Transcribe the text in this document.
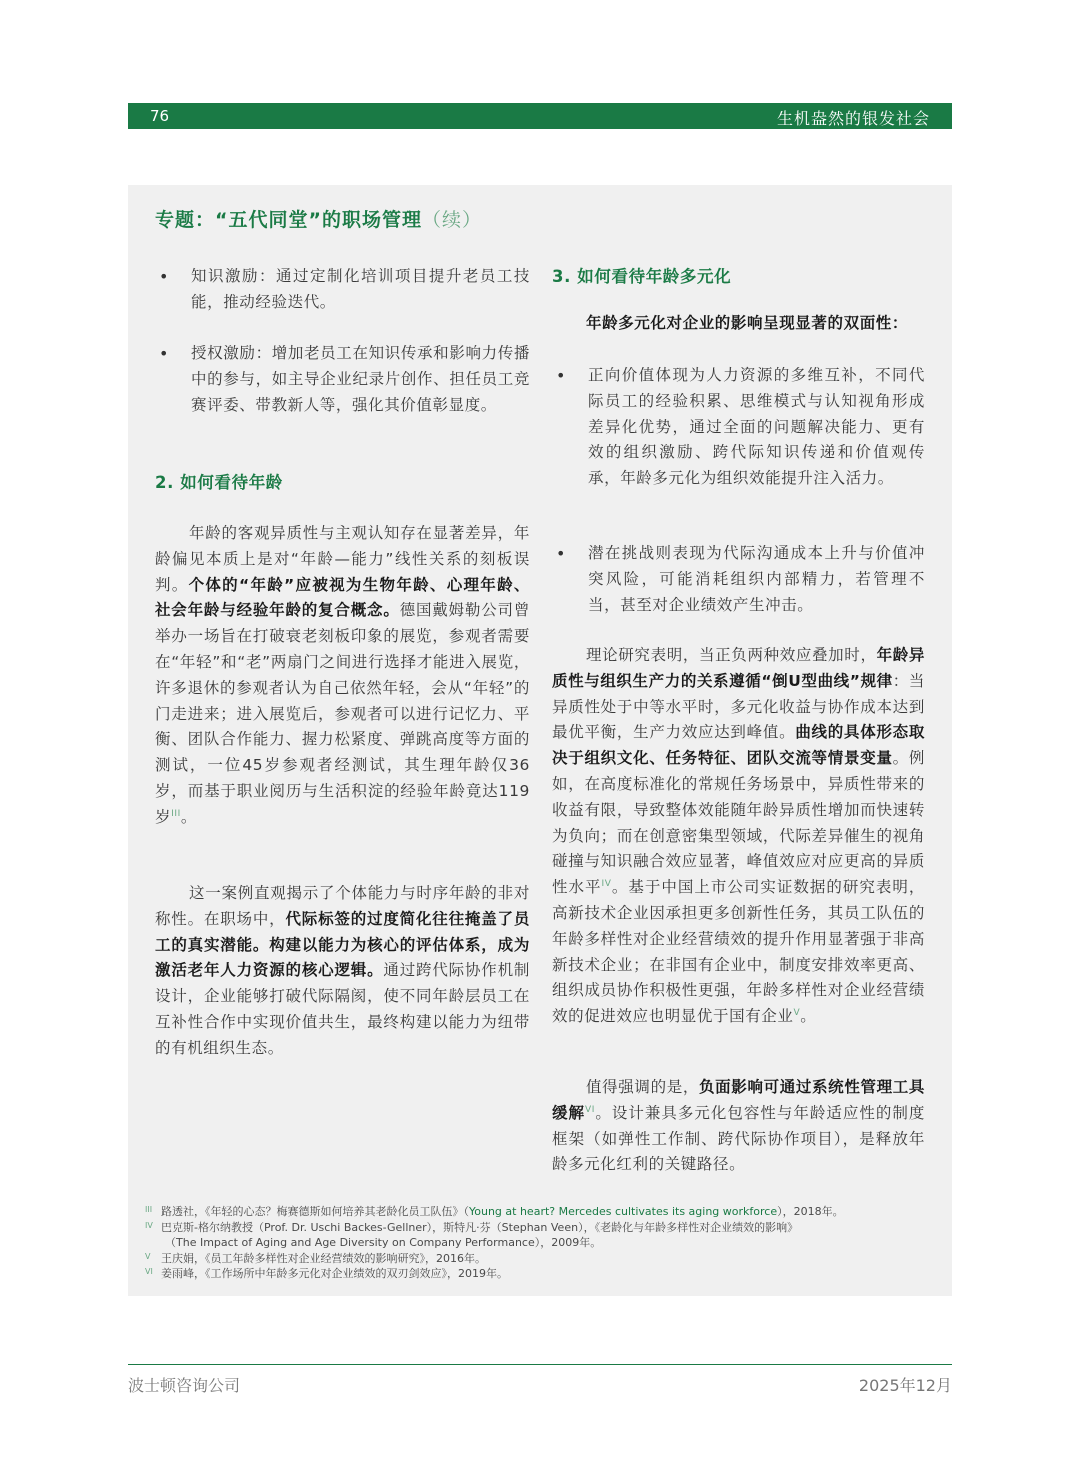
76	生机盎然的银发社会
专题：“五代同堂”的职场管理（续）
• 知识激励：通过定制化培训项目提升老员工技能，推动经验迭代。
• 授权激励：增加老员工在知识传承和影响力传播中的参与，如主导企业纪录片创作、担任员工竞赛评委、带教新人等，强化其价值彰显度。
2. 如何看待年龄
年龄的客观异质性与主观认知存在显著差异，年龄偏见本质上是对“年龄—能力”线性关系的刻板误判。个体的“年龄”应被视为生物年龄、心理年龄、社会年龄与经验年龄的复合概念。德国戴姆勒公司曾举办一场旨在打破衰老刻板印象的展览，参观者需要在“年轻”和“老”两扇门之间进行选择才能进入展览，许多退休的参观者认为自己依然年轻，会从“年轻”的门走进来；进入展览后，参观者可以进行记忆力、平衡、团队合作能力、握力松紧度、弹跳高度等方面的测试，一位45岁参观者经测试，其生理年龄仅36岁，而基于职业阅历与生活积淀的经验年龄竟达119岁$^{III}$。
这一案例直观揭示了个体能力与时序年龄的非对称性。在职场中，代际标签的过度简化往往掩盖了员工的真实潜能。构建以能力为核心的评估体系，成为激活老年人力资源的核心逻辑。通过跨代际协作机制设计，企业能够打破代际隔阂，使不同年龄层员工在互补性合作中实现价值共生，最终构建以能力为纽带的有机组织生态。
3. 如何看待年龄多元化
年龄多元化对企业的影响呈现显著的双面性：
• 正向价值体现为人力资源的多维互补，不同代际员工的经验积累、思维模式与认知视角形成差异化优势，通过全面的问题解决能力、更有效的组织激励、跨代际知识传递和价值观传承，年龄多元化为组织效能提升注入活力。
• 潜在挑战则表现为代际沟通成本上升与价值冲突风险，可能消耗组织内部精力，若管理不当，甚至对企业绩效产生冲击。
理论研究表明，当正负两种效应叠加时，年龄异质性与组织生产力的关系遵循“倒U型曲线”规律：当异质性处于中等水平时，多元化收益与协作成本达到最优平衡，生产力效应达到峰值。曲线的具体形态取决于组织文化、任务特征、团队交流等情景变量。例如，在高度标准化的常规任务场景中，异质性带来的收益有限，导致整体效能随年龄异质性增加而快速转为负向；而在创意密集型领域，代际差异催生的视角碰撞与知识融合效应显著，峰值效应对应更高的异质性水平$^{IV}$。基于中国上市公司实证数据的研究表明，高新技术企业因承担更多创新性任务，其员工队伍的年龄多样性对企业经营绩效的提升作用显著强于非高新技术企业；在非国有企业中，制度安排效率更高、组织成员协作积极性更强，年龄多样性对企业经营绩效的促进效应也明显优于国有企业$^V$。
值得强调的是，负面影响可通过系统性管理工具缓解$^{VI}$。设计兼具多元化包容性与年龄适应性的制度框架（如弹性工作制、跨代际协作项目），是释放年龄多元化红利的关键路径。
III 路透社，《年轻的心态？梅赛德斯如何培养其老龄化员工队伍》（Young at heart? Mercedes cultivates its aging workforce），2018年。
IV 巴克斯-格尔纳教授（Prof. Dr. Uschi Backes-Gellner），斯特凡·芬（Stephan Veen），《老龄化与年龄多样性对企业绩效的影响》
（The Impact of Aging and Age Diversity on Company Performance），2009年。
V 王庆娟，《员工年龄多样性对企业经营绩效的影响研究》，2016年。
VI 姜雨峰，《工作场所中年龄多元化对企业绩效的双刃剑效应》，2019年。
波士顿咨询公司	2025年12月
